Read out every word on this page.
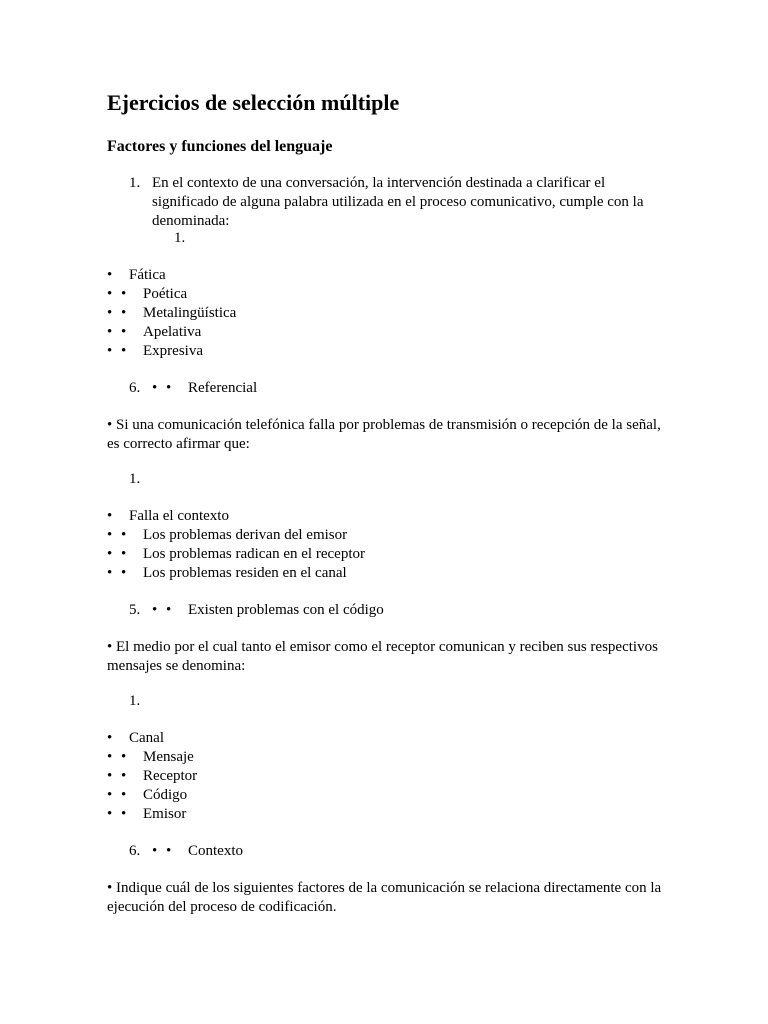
Ejercicios de selección múltiple
Factores y funciones del lenguaje
1. En el contexto de una conversación, la intervención destinada a clarificar el significado de alguna palabra utilizada en el proceso comunicativo, cumple con la denominada:
1.
• Fática
• • Poética
• • Metalingüística
• • Apelativa
• • Expresiva
6. • • Referencial
• Si una comunicación telefónica falla por problemas de transmisión o recepción de la señal, es correcto afirmar que:
1.
• Falla el contexto
• • Los problemas derivan del emisor
• • Los problemas radican en el receptor
• • Los problemas residen en el canal
5. • • Existen problemas con el código
• El medio por el cual tanto el emisor como el receptor comunican y reciben sus respectivos mensajes se denomina:
1.
• Canal
• • Mensaje
• • Receptor
• • Código
• • Emisor
6. • • Contexto
• Indique cuál de los siguientes factores de la comunicación se relaciona directamente con la ejecución del proceso de codificación.
